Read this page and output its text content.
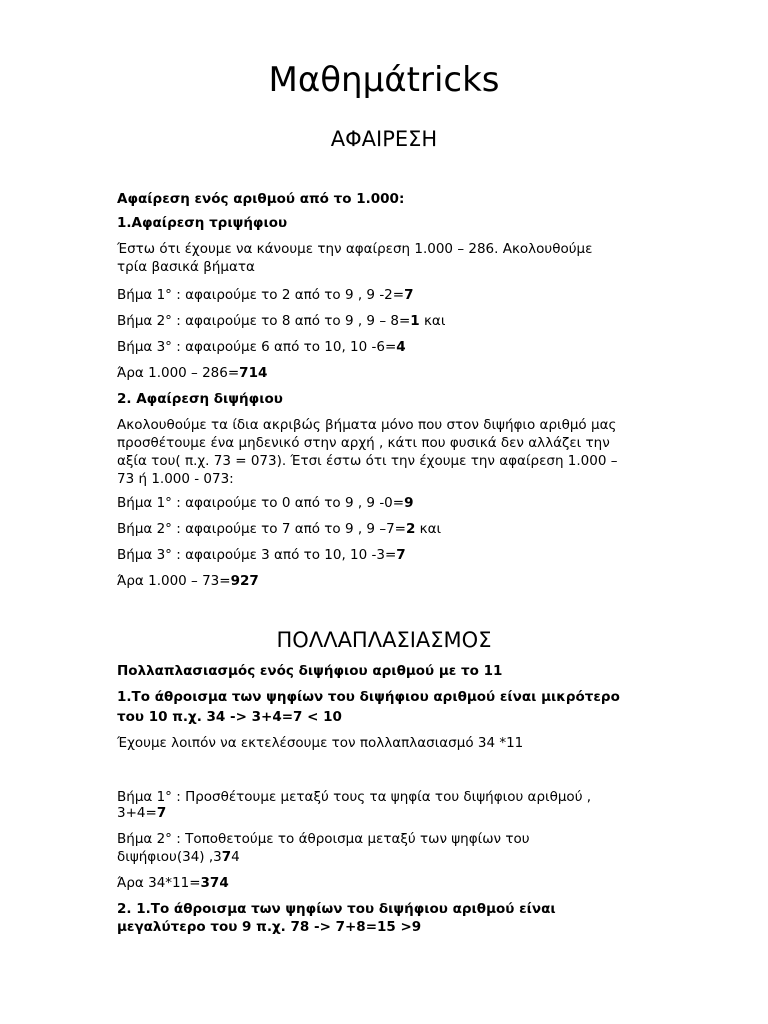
Μαθημάtricks
ΑΦΑΙΡΕΣΗ
Αφαίρεση ενός αριθμού από το 1.000:
1.Αφαίρεση τριψήφιου
Έστω ότι έχουμε να κάνουμε την αφαίρεση 1.000 – 286. Ακολουθούμε
τρία βασικά βήματα
Βήμα 1° : αφαιρούμε το 2 από το 9 , 9 -2=7
Βήμα 2° : αφαιρούμε το 8 από το 9 , 9 – 8=1 και
Βήμα 3° : αφαιρούμε 6 από το 10, 10 -6=4
Άρα 1.000 – 286=714
2. Αφαίρεση διψήφιου
Ακολουθούμε τα ίδια ακριβώς βήματα μόνο που στον διψήφιο αριθμό μας
προσθέτουμε ένα μηδενικό στην αρχή , κάτι που φυσικά δεν αλλάζει την
αξία του( π.χ. 73 = 073). Έτσι έστω ότι την έχουμε την αφαίρεση 1.000 –
73 ή 1.000 - 073:
Βήμα 1° : αφαιρούμε το 0 από το 9 , 9 -0=9
Βήμα 2° : αφαιρούμε το 7 από το 9 , 9 –7=2 και
Βήμα 3° : αφαιρούμε 3 από το 10, 10 -3=7
Άρα 1.000 – 73=927
ΠΟΛΛΑΠΛΑΣΙΑΣΜΟΣ
Πολλαπλασιασμός ενός διψήφιου αριθμού με το 11
1.Το άθροισμα των ψηφίων του διψήφιου αριθμού είναι μικρότερο
του 10 π.χ. 34 -> 3+4=7 < 10
Έχουμε λοιπόν να εκτελέσουμε τον πολλαπλασιασμό 34 *11
Βήμα 1° : Προσθέτουμε μεταξύ τους τα ψηφία του διψήφιου αριθμού ,
3+4=7
Βήμα 2° : Τοποθετούμε το άθροισμα μεταξύ των ψηφίων του
διψήφιου(34) ,374
Άρα 34*11=374
2. 1.Το άθροισμα των ψηφίων του διψήφιου αριθμού είναι
μεγαλύτερο του 9 π.χ. 78 -> 7+8=15 >9
